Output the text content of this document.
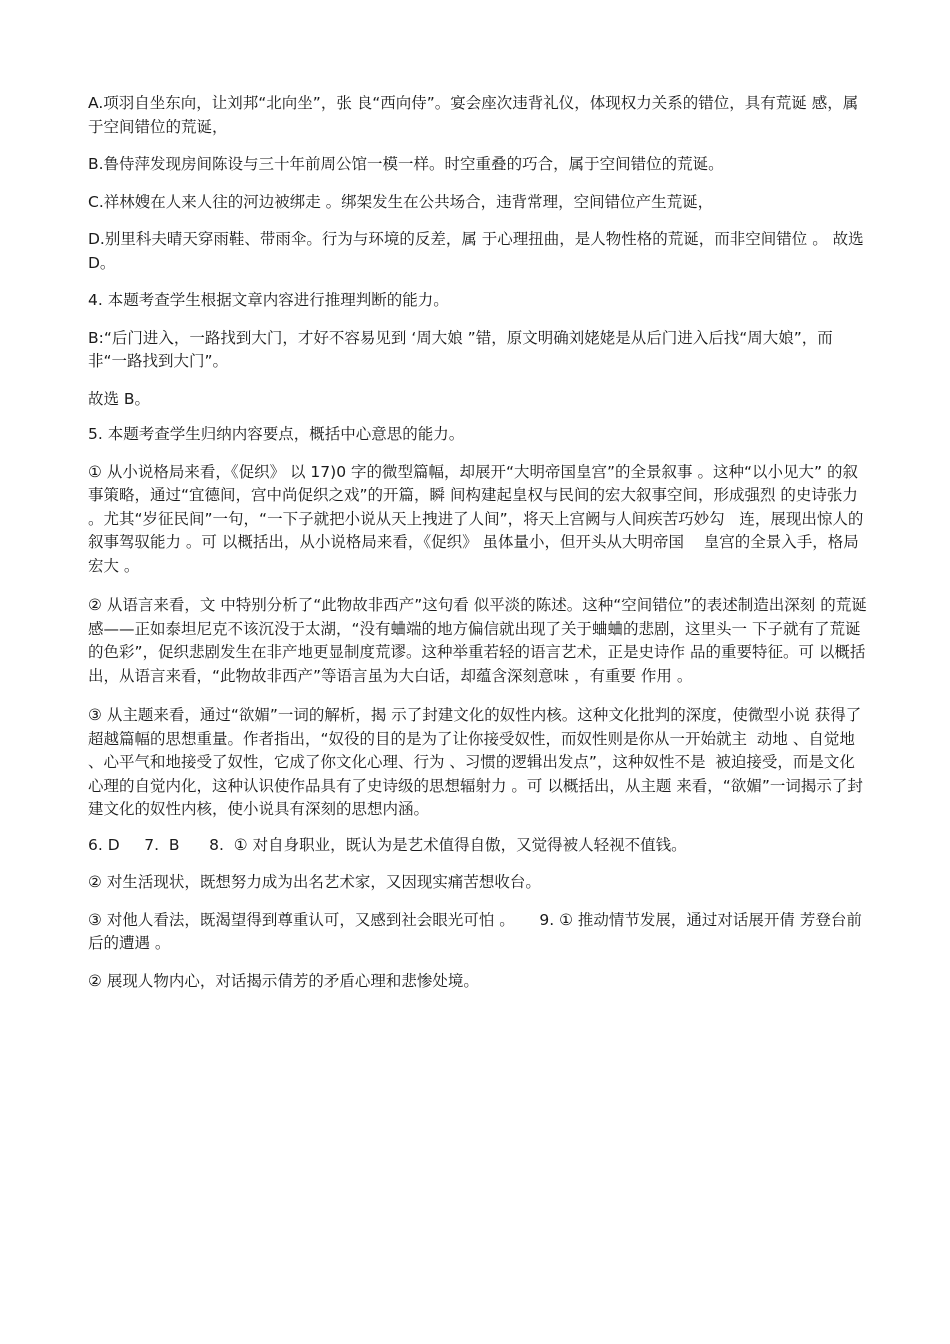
A.项羽自坐东向，让刘邦“北向坐”，张 良“西向侍”。宴会座次违背礼仪，体现权力关系的错位，具有荒诞 感，属 于空间错位的荒诞，

B.鲁侍萍发现房间陈设与三十年前周公馆一模一样。时空重叠的巧合，属于空间错位的荒诞。

C.祥林嫂在人来人往的河边被绑走 。绑架发生在公共场合，违背常理，空间错位产生荒诞，

D.别里科夫晴天穿雨鞋、带雨伞。行为与环境的反差，属 于心理扭曲，是人物性格的荒诞，而非空间错位 。 故选 D。

4. 本题考查学生根据文章内容进行推理判断的能力。

B:“后门进入，一路找到大门，才好不容易见到 ‘周大娘 ”错，原文明确刘姥姥是从后门进入后找“周大娘”，而非“一路找到大门”。

故选 B。

5. 本题考查学生归纳内容要点，概括中心意思的能力。

① 从小说格局来看，《促织》 以 17)0 字的微型篇幅，却展开“大明帝国皇宫”的全景叙事 。这种“以小见大” 的叙事策略，通过“宜德间，宫中尚促织之戏”的开篇，瞬 间构建起皇权与民间的宏大叙事空间，形成强烈 的史诗张力 。尤其“岁征民间”一句，“一下子就把小说从天上拽进了人间”，将天上宫阙与人间疾苦巧妙勾   连，展现出惊人的叙事驾驭能力 。可 以概括出，从小说格局来看，《促织》 虽体量小，但开头从大明帝国    皇宫的全景入手，格局宏大 。

② 从语言来看，文 中特别分析了“此物故非西产”这句看 似平淡的陈述。这种“空间错位”的表述制造出深刻 的荒诞感——正如泰坦尼克不该沉没于太湖，“没有蛐端的地方偏信就出现了关于蛐蛐的悲剧，这里头一 下子就有了荒诞的色彩”，促织悲剧发生在非产地更显制度荒谬。这种举重若轻的语言艺术，正是史诗作 品的重要特征。可 以概括出，从语言来看，“此物故非西产”等语言虽为大白话，却蕴含深刻意味 ，有重要 作用 。

③ 从主题来看，通过“欲媚”一词的解析，揭 示了封建文化的奴性内核。这种文化批判的深度，使微型小说 获得了超越篇幅的思想重量。作者指出，“奴役的目的是为了让你接受奴性，而奴性则是你从一开始就主  动地 、自觉地 、心平气和地接受了奴性，它成了你文化心理、行为 、习惯的逻辑出发点”，这种奴性不是  被迫接受，而是文化 心理的自觉内化，这种认识使作品具有了史诗级的思想辐射力 。可 以概括出，从主题 来看，“欲媚”一词揭示了封建文化的奴性内核，使小说具有深刻的思想内涵。

6. D     7.  B      8.  ① 对自身职业，既认为是艺术值得自傲，又觉得被人轻视不值钱。

② 对生活现状，既想努力成为出名艺术家，又因现实痛苦想收台。

③ 对他人看法，既渴望得到尊重认可，又感到社会眼光可怕 。     9. ① 推动情节发展，通过对话展开倩 芳登台前后的遭遇 。

② 展现人物内心，对话揭示倩芳的矛盾心理和悲惨处境。
